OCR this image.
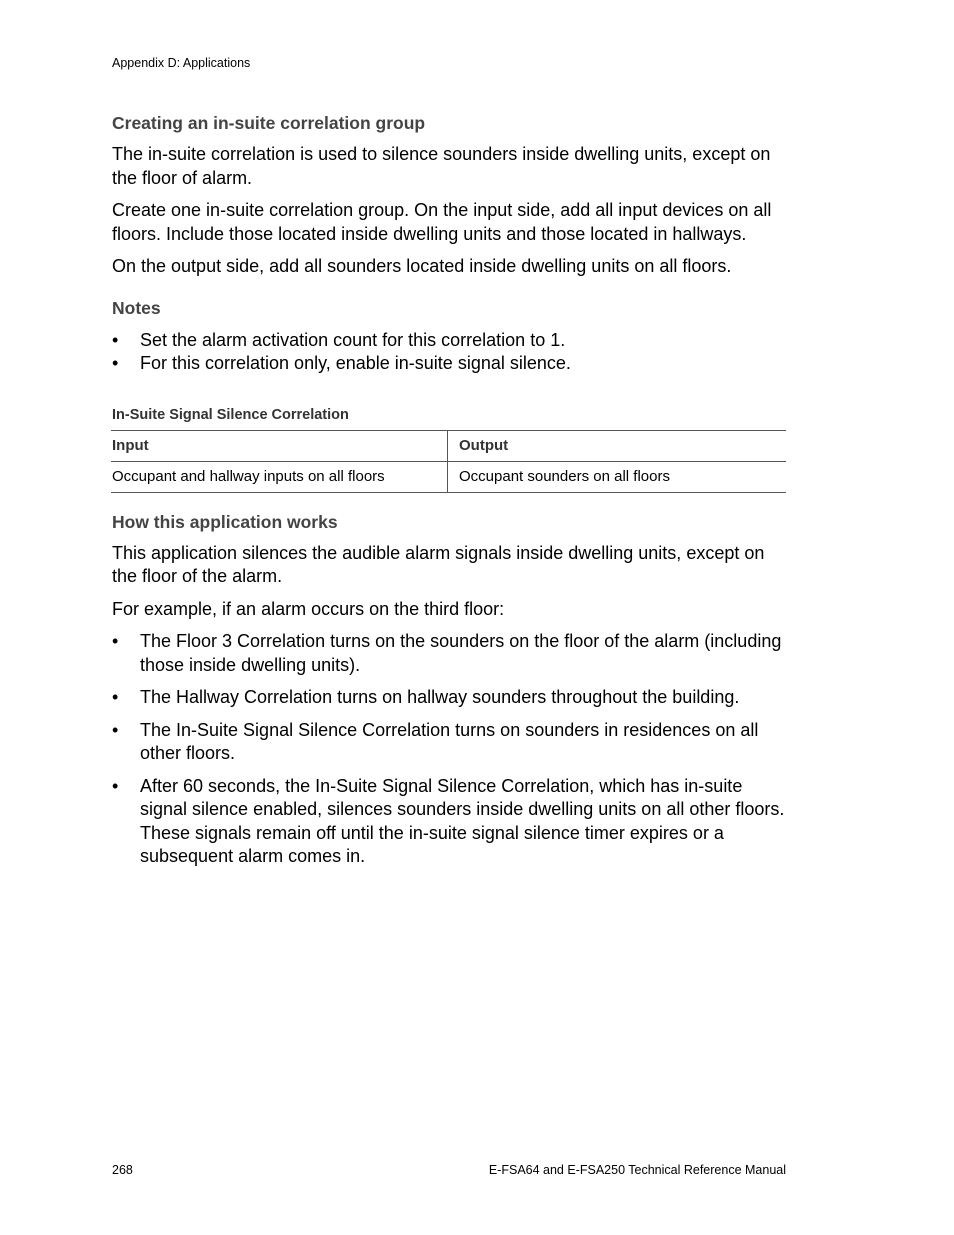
Appendix D: Applications
Creating an in-suite correlation group

The in-suite correlation is used to silence sounders inside dwelling units, except on the floor of alarm.

Create one in-suite correlation group. On the input side, add all input devices on all floors. Include those located inside dwelling units and those located in hallways.

On the output side, add all sounders located inside dwelling units on all floors.

Notes
• Set the alarm activation count for this correlation to 1.
• For this correlation only, enable in-suite signal silence.
In-Suite Signal Silence Correlation
Input	Output
Occupant and hallway inputs on all floors	Occupant sounders on all floors
How this application works

This application silences the audible alarm signals inside dwelling units, except on the floor of the alarm.

For example, if an alarm occurs on the third floor:

• The Floor 3 Correlation turns on the sounders on the floor of the alarm (including those inside dwelling units).
• The Hallway Correlation turns on hallway sounders throughout the building.
• The In-Suite Signal Silence Correlation turns on sounders in residences on all other floors.
• After 60 seconds, the In-Suite Signal Silence Correlation, which has in-suite signal silence enabled, silences sounders inside dwelling units on all other floors. These signals remain off until the in-suite signal silence timer expires or a subsequent alarm comes in.
268	E-FSA64 and E-FSA250 Technical Reference Manual
